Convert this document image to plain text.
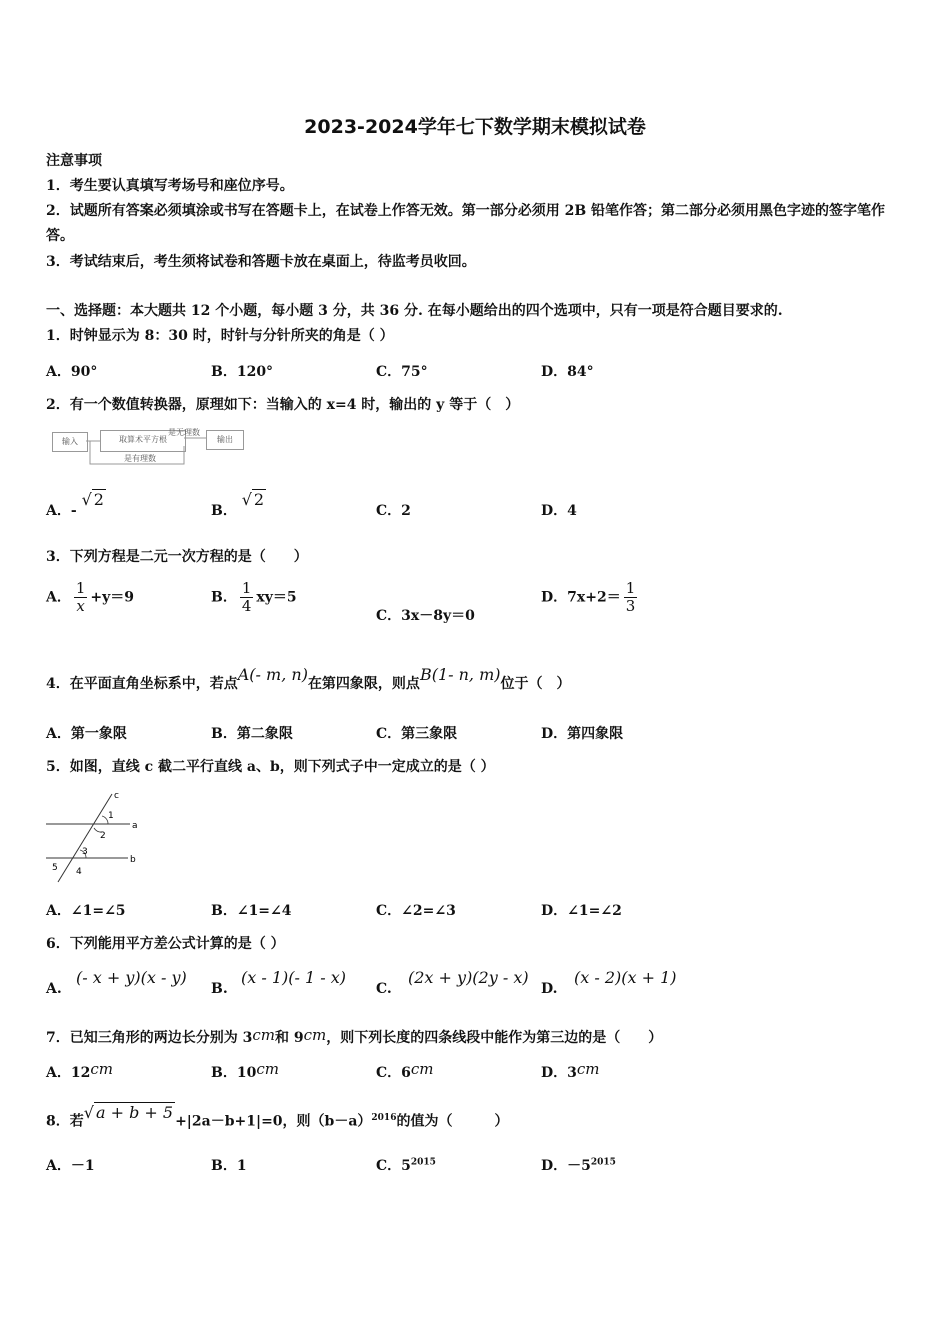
2023-2024学年七下数学期末模拟试卷
注意事项
1．考生要认真填写考场号和座位序号。
2．试题所有答案必须填涂或书写在答题卡上，在试卷上作答无效。第一部分必须用 2B 铅笔作答；第二部分必须用黑色字迹的签字笔作答。
3．考试结束后，考生须将试卷和答题卡放在桌面上，待监考员收回。
一、选择题：本大题共 12 个小题，每小题 3 分，共 36 分. 在每小题给出的四个选项中，只有一项是符合题目要求的.
1．时钟显示为 8：30 时，时针与分针所夹的角是（ ）
A．90°	B．120°	C．75°	D．84°
2．有一个数值转换器，原理如下：当输入的 x=4 时，输出的 y 等于（　）
输入	取算术平方根	输出
是无理数
是有理数
A．- √ 2
B． √ 2
C．2	D．4
3．下列方程是二元一次方程的是（　　）
A． $\frac{1}{x} +y=9$	B． $\frac{1}{4} xy=5$
C．3x－8y＝0
D．$7x+2= \frac{1}{3}$
4．在平面直角坐标系中，若点A(- m, n)在第四象限，则点B(1- n, m)位于（　）
A．第一象限	B．第二象限	C．第三象限	D．第四象限
5．如图，直线 c 截二平行直线 a、b，则下列式子中一定成立的是（ ）
c
a
b
1
2
3
4
5
A．∠1=∠5	B．∠1=∠4	C．∠2=∠3	D．∠1=∠2
6．下列能用平方差公式计算的是（ ）
A.
(- x + y)(x - y)
B.
(x - 1)(- 1 - x)
C.
(2x + y)(2y - x)
D.
(x - 2)(x + 1)
7．已知三角形的两边长分别为 3cm和 9cm，则下列长度的四条线段中能作为第三边的是（　　）
A．12cm	B．10cm	C．6cm	D．3cm
8．若√ a + b + 5 +|2a－b+1|=0，则$(b-a)^{2016}$的值为（　　　）
A．－1	B．1	C．$5^{2015}$	D．$-5^{2015}$
